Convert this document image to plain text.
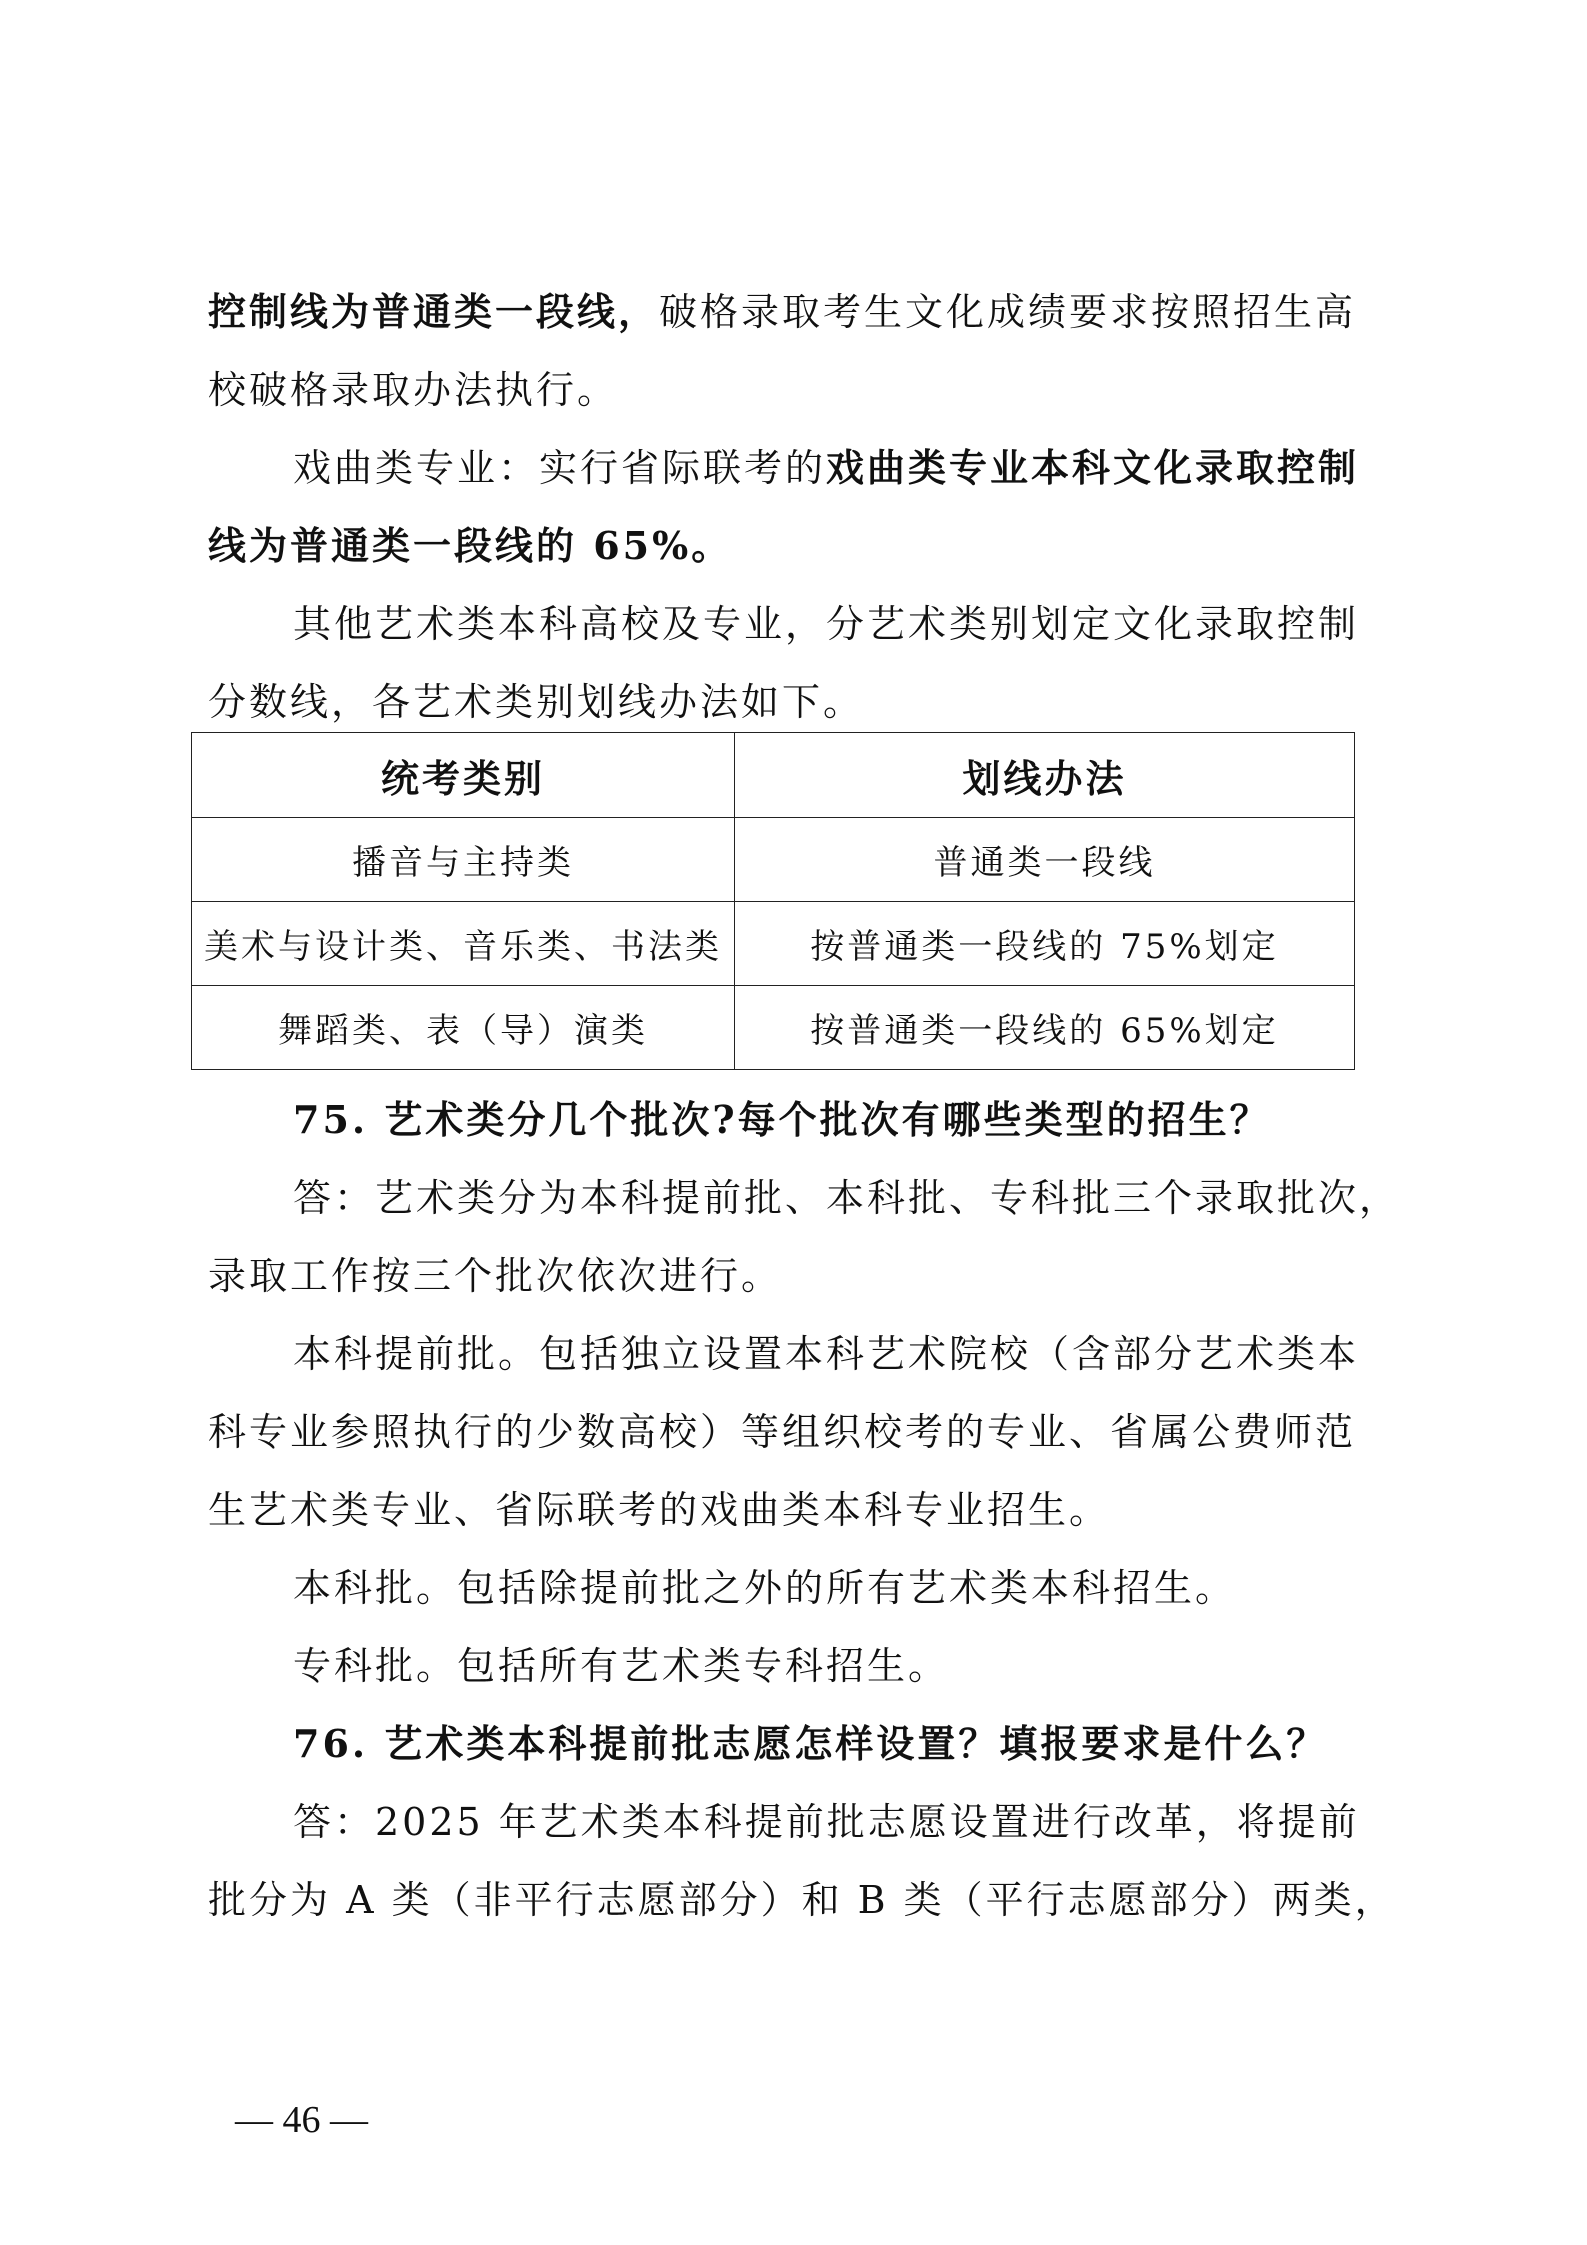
控制线为普通类一段线，破格录取考生文化成绩要求按照招生高
校破格录取办法执行。
戏曲类专业：实行省际联考的戏曲类专业本科文化录取控制
线为普通类一段线的 65%。
其他艺术类本科高校及专业，分艺术类别划定文化录取控制
分数线，各艺术类别划线办法如下。
统考类别	划线办法
播音与主持类	普通类一段线
美术与设计类、音乐类、书法类	按普通类一段线的 75%划定
舞蹈类、表（导）演类	按普通类一段线的 65%划定
75. 艺术类分几个批次?每个批次有哪些类型的招生？
答：艺术类分为本科提前批、本科批、专科批三个录取批次，
录取工作按三个批次依次进行。
本科提前批。包括独立设置本科艺术院校（含部分艺术类本
科专业参照执行的少数高校）等组织校考的专业、省属公费师范
生艺术类专业、省际联考的戏曲类本科专业招生。
本科批。包括除提前批之外的所有艺术类本科招生。
专科批。包括所有艺术类专科招生。
76. 艺术类本科提前批志愿怎样设置？填报要求是什么？
答：2025 年艺术类本科提前批志愿设置进行改革，将提前
批分为 A 类（非平行志愿部分）和 B 类（平行志愿部分）两类，
— 46 —
